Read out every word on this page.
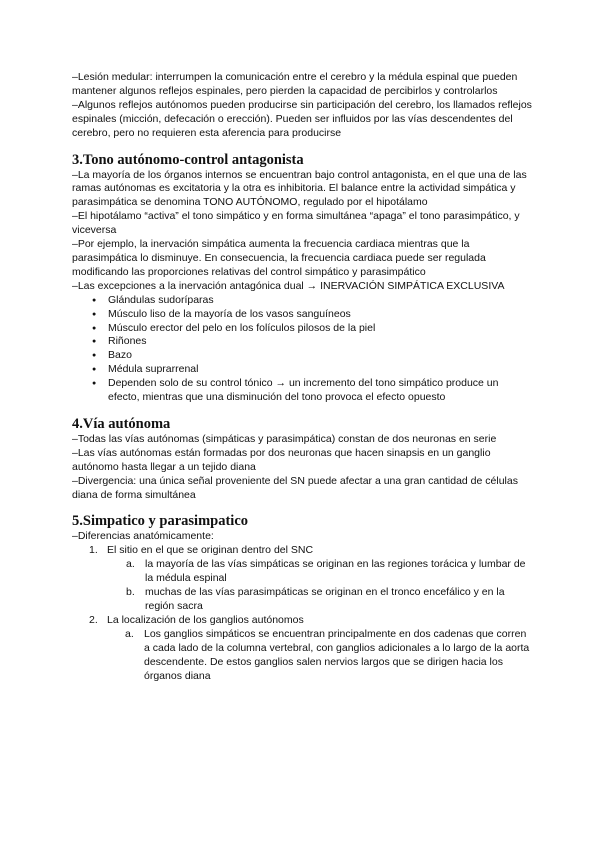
–Lesión medular: interrumpen la comunicación entre el cerebro y la médula espinal que pueden mantener algunos reflejos espinales, pero pierden la capacidad de percibirlos y controlarlos

–Algunos reflejos autónomos pueden producirse sin participación del cerebro, los llamados reflejos espinales (micción, defecación o erección). Pueden ser influidos por las vías descendentes del cerebro, pero no requieren esta aferencia para producirse

3.Tono autónomo-control antagonista

–La mayoría de los órganos internos se encuentran bajo control antagonista, en el que una de las ramas autónomas es excitatoria y la otra es inhibitoria. El balance entre la actividad simpática y parasimpática se denomina TONO AUTÓNOMO, regulado por el hipotálamo

–El hipotálamo “activa” el tono simpático y en forma simultánea “apaga” el tono parasimpático, y viceversa

–Por ejemplo, la inervación simpática aumenta la frecuencia cardiaca mientras que la parasimpática lo disminuye. En consecuencia, la frecuencia cardiaca puede ser regulada modificando las proporciones relativas del control simpático y parasimpático

–Las excepciones a la inervación antagónica dual → INERVACIÓN SIMPÁTICA EXCLUSIVA

● Glándulas sudoríparas
● Músculo liso de la mayoría de los vasos sanguíneos
● Músculo erector del pelo en los folículos pilosos de la piel
● Riñones
● Bazo
● Médula suprarrenal
● Dependen solo de su control tónico → un incremento del tono simpático produce un efecto, mientras que una disminución del tono provoca el efecto opuesto
4.Vía autónoma

–Todas las vías autónomas (simpáticas y parasimpática) constan de dos neuronas en serie

–Las vías autónomas están formadas por dos neuronas que hacen sinapsis en un ganglio autónomo hasta llegar a un tejido diana

–Divergencia: una única señal proveniente del SN puede afectar a una gran cantidad de células diana de forma simultánea

5.Simpatico y parasimpatico

–Diferencias anatómicamente:

1. El sitio en el que se originan dentro del SNC
a. la mayoría de las vías simpáticas se originan en las regiones torácica y lumbar de la médula espinal
b. muchas de las vías parasimpáticas se originan en el tronco encefálico y en la región sacra
2. La localización de los ganglios autónomos
a. Los ganglios simpáticos se encuentran principalmente en dos cadenas que corren a cada lado de la columna vertebral, con ganglios adicionales a lo largo de la aorta descendente. De estos ganglios salen nervios largos que se dirigen hacia los órganos diana
